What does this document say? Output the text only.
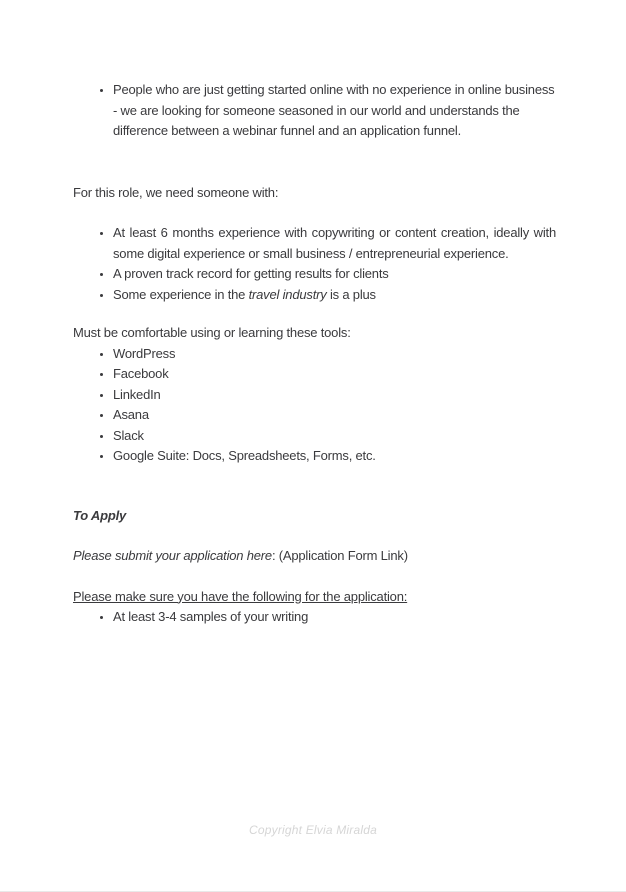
• People who are just getting started online with no experience in online business - we are looking for someone seasoned in our world and understands the difference between a webinar funnel and an application funnel.

For this role, we need someone with:

• At least 6 months experience with copywriting or content creation, ideally with some digital experience or small business / entrepreneurial experience.
• A proven track record for getting results for clients
• Some experience in the travel industry is a plus

Must be comfortable using or learning these tools:

• WordPress
• Facebook
• LinkedIn
• Asana
• Slack
• Google Suite: Docs, Spreadsheets, Forms, etc.

To Apply

Please submit your application here: (Application Form Link)

Please make sure you have the following for the application:

• At least 3-4 samples of your writing
Copyright Elvia Miralda
